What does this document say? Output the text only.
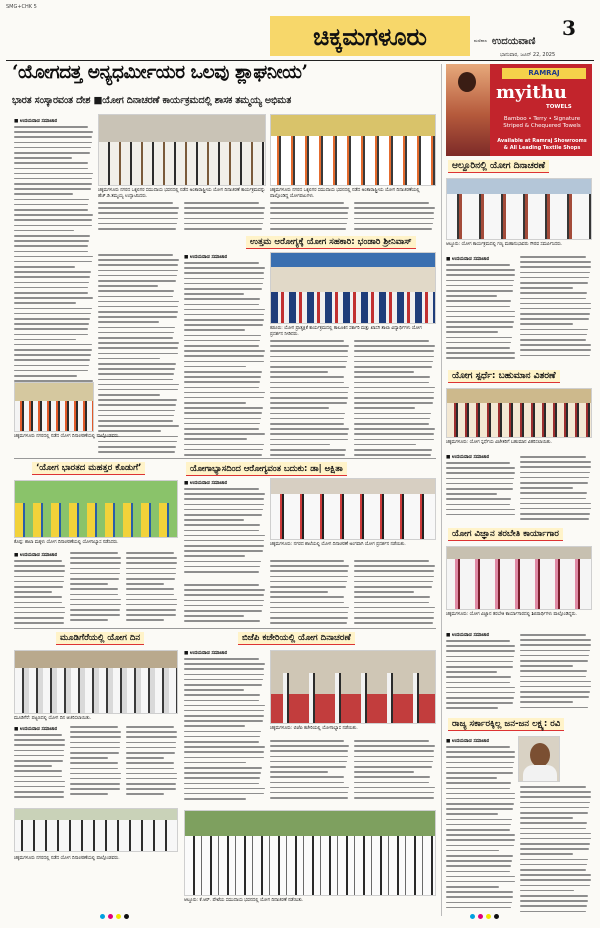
SMG+CHK 5
ಚಿಕ್ಕಮಗಳೂರು	3
ಮಣಿಪಾಲ ಉದಯವಾಣಿ
ಭಾನುವಾರ, ಜೂನ್ 22, 2025
‘ಯೋಗದತ್ತ ಅನ್ಯಧರ್ಮೀಯರ ಒಲವು ಶ್ಲಾಘನೀಯ’
ಭಾರತ ಸಂಸ್ಕಾರವಂತ ದೇಶ ■ಯೋಗ ದಿನಾಚರಣೆ ಕಾರ್ಯಕ್ರಮದಲ್ಲಿ ಶಾಸಕ ತಮ್ಮಯ್ಯ ಅಭಿಮತ
RAMRAJ
myithu
TOWELS
Bamboo • Terry • Signature Striped & Chequered Towels
Available at Ramraj Showrooms & All Leading Textile Shops
■ ಉದಯವಾಣಿ ಸಮಾಚಾರ
ಚಿಕ್ಕಮಗಳೂರು ನಗರದ ಒಕ್ಕಲಿಗರ ಸಮುದಾಯ ಭವನದಲ್ಲಿ ನಡೆದ ಅಂತಾರಾಷ್ಟ್ರೀಯ ಯೋಗ ದಿನಾಚರಣೆ ಕಾರ್ಯಕ್ರಮವನ್ನು ಹೆಚ್.ಡಿ.ತಮ್ಮಯ್ಯ ಉದ್ಘಾಟಿಸಿದರು.
ಚಿಕ್ಕಮಗಳೂರು ನಗರದ ಒಕ್ಕಲಿಗರ ಸಮುದಾಯ ಭವನದಲ್ಲಿ ನಡೆದ ಅಂತಾರಾಷ್ಟ್ರೀಯ ಯೋಗ ದಿನಾಚರಣೆಯಲ್ಲಿ ಪಾಲ್ಗೊಂಡಿದ್ದ ಯೋಗಪಟುಗಳು.
ಉತ್ತಮ ಆರೋಗ್ಯಕ್ಕೆ ಯೋಗ ಸಹಕಾರಿ: ಭಂಡಾರಿ ಶ್ರೀನಿವಾಸ್
■ ಉದಯವಾಣಿ ಸಮಾಚಾರ
ಕಡೂರು: ಯೋಗ ಪ್ರಾತ್ಯಕ್ಷಿಕೆ ಕಾರ್ಯಕ್ರಮದಲ್ಲಿ ತಾಲೂಕಿನ ಸರ್ಕಾರಿ ಮತ್ತು ಖಾಸಗಿ ಶಾಲಾ ವಿದ್ಯಾರ್ಥಿಗಳು ಯೋಗ ಪ್ರದರ್ಶನ ನೀಡಿದರು.
ಚಿಕ್ಕಮಗಳೂರು ನಗರದಲ್ಲಿ ನಡೆದ ಯೋಗ ದಿನಾಚರಣೆಯಲ್ಲಿ ಪಾಲ್ಗೊಂಡವರು.
ಆಲ್ದೂರಿನಲ್ಲಿ ಯೋಗ ದಿನಾಚರಣೆ
ಆಲ್ದೂರು: ಯೋಗ ಕಾರ್ಯಕ್ರಮದಲ್ಲಿ ಗಣ್ಯ ಮಹಾನುಭಾವರು ಗೌರವ ಸಮರ್ಪಿಸಿದರು.
■ ಉದಯವಾಣಿ ಸಮಾಚಾರ
ಯೋಗ ಸ್ಪರ್ಧೆ: ಬಹುಮಾನ ವಿತರಣೆ
ಚಿಕ್ಕಮಗಳೂರು: ಯೋಗ ಸ್ಪರ್ಧೆಯ ವಿಜೇತರಿಗೆ ಬಹುಮಾನ ವಿತರಿಸಲಾಯಿತು.
■ ಉದಯವಾಣಿ ಸಮಾಚಾರ
ಯೋಗ ವಿಜ್ಞಾನ ತರಬೇತಿ ಕಾರ್ಯಾಗಾರ
ಚಿಕ್ಕಮಗಳೂರು: ಯೋಗ ವಿಜ್ಞಾನ ತರಬೇತಿ ಕಾರ್ಯಾಗಾರದಲ್ಲಿ ಶಿಬಿರಾರ್ಥಿಗಳು ಪಾಲ್ಗೊಂಡಿದ್ದರು.
■ ಉದಯವಾಣಿ ಸಮಾಚಾರ
ರಾಜ್ಯ ಸರ್ಕಾರಕ್ಕಿಲ್ಲ ಜನ-ಜನ ಲಕ್ಷ್ಯ: ರವಿ
■ ಉದಯವಾಣಿ ಸಮಾಚಾರ
‘ಯೋಗ ಭಾರತದ ಮಹತ್ತರ ಕೊಡುಗೆ’
ಕೊಪ್ಪ: ಶಾಲಾ ಮಕ್ಕಳು ಯೋಗ ದಿನಾಚರಣೆಯಲ್ಲಿ ಯೋಗಾಭ್ಯಾಸ ನಡೆಸಿದರು.
■ ಉದಯವಾಣಿ ಸಮಾಚಾರ
ಯೋಗಾಭ್ಯಾಸದಿಂದ ಆರೋಗ್ಯವಂತ ಬದುಕು: ಡಾ| ಅಕ್ಷಿತಾ
■ ಉದಯವಾಣಿ ಸಮಾಚಾರ
ಚಿಕ್ಕಮಗಳೂರು: ನಗರದ ಶಾಲೆಯಲ್ಲಿ ಯೋಗ ದಿನಾಚರಣೆ ಅಂಗವಾಗಿ ಯೋಗ ಪ್ರದರ್ಶನ ನಡೆಯಿತು.
ಮೂಡಿಗೆರೆಯಲ್ಲಿ ಯೋಗ ದಿನ
ಮೂಡಿಗೆರೆ: ಪಟ್ಟಣದಲ್ಲಿ ಯೋಗ ದಿನ ಆಚರಿಸಲಾಯಿತು.
■ ಉದಯವಾಣಿ ಸಮಾಚಾರ
ಬಿಜೆಪಿ ಕಚೇರಿಯಲ್ಲಿ ಯೋಗ ದಿನಾಚರಣೆ
■ ಉದಯವಾಣಿ ಸಮಾಚಾರ
ಚಿಕ್ಕಮಗಳೂರು: ಬಿಜೆಪಿ ಕಚೇರಿಯಲ್ಲಿ ಯೋಗಾಭ್ಯಾಸ ನಡೆಯಿತು.
ಚಿಕ್ಕಮಗಳೂರು ನಗರದಲ್ಲಿ ನಡೆದ ಯೋಗ ದಿನಾಚರಣೆಯಲ್ಲಿ ಪಾಲ್ಗೊಂಡವರು.
ಆಲ್ದೂರು: ಕೆ.ಆರ್. ಪೇಟೆಯ ಸಮುದಾಯ ಭವನದಲ್ಲಿ ಯೋಗ ದಿನಾಚರಣೆ ನಡೆಯಿತು.
